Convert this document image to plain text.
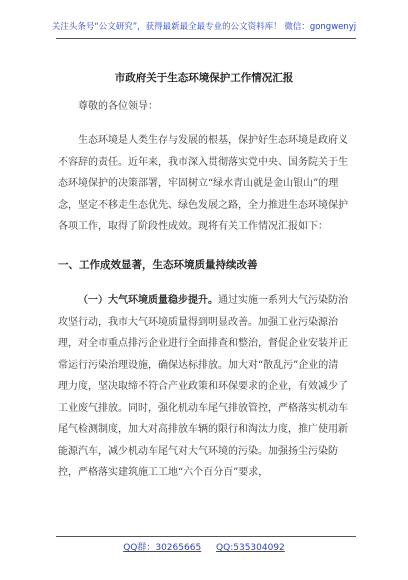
关注头条号“公文研究”，获得最新最全最专业的公文资料库！ 微信：gongwenyj
市政府关于生态环境保护工作情况汇报

尊敬的各位领导：

生态环境是人类生存与发展的根基，保护好生态环境是政府义不容辞的责任。近年来，我市深入贯彻落实党中央、国务院关于生态环境保护的决策部署，牢固树立“绿水青山就是金山银山”的理念，坚定不移走生态优先、绿色发展之路，全力推进生态环境保护各项工作，取得了阶段性成效。现将有关工作情况汇报如下：

一、工作成效显著，生态环境质量持续改善

（一）大气环境质量稳步提升。通过实施一系列大气污染防治攻坚行动，我市大气环境质量得到明显改善。加强工业污染源治理，对全市重点排污企业进行全面排查和整治，督促企业安装并正常运行污染治理设施，确保达标排放。加大对“散乱污”企业的清理力度，坚决取缔不符合产业政策和环保要求的企业，有效减少了工业废气排放。同时，强化机动车尾气排放管控，严格落实机动车尾气检测制度，加大对高排放车辆的限行和淘汰力度，推广使用新能源汽车，减少机动车尾气对大气环境的污染。加强扬尘污染防控，严格落实建筑施工工地“六个百分百”要求，

QQ群：30265665 QQ:535304092
